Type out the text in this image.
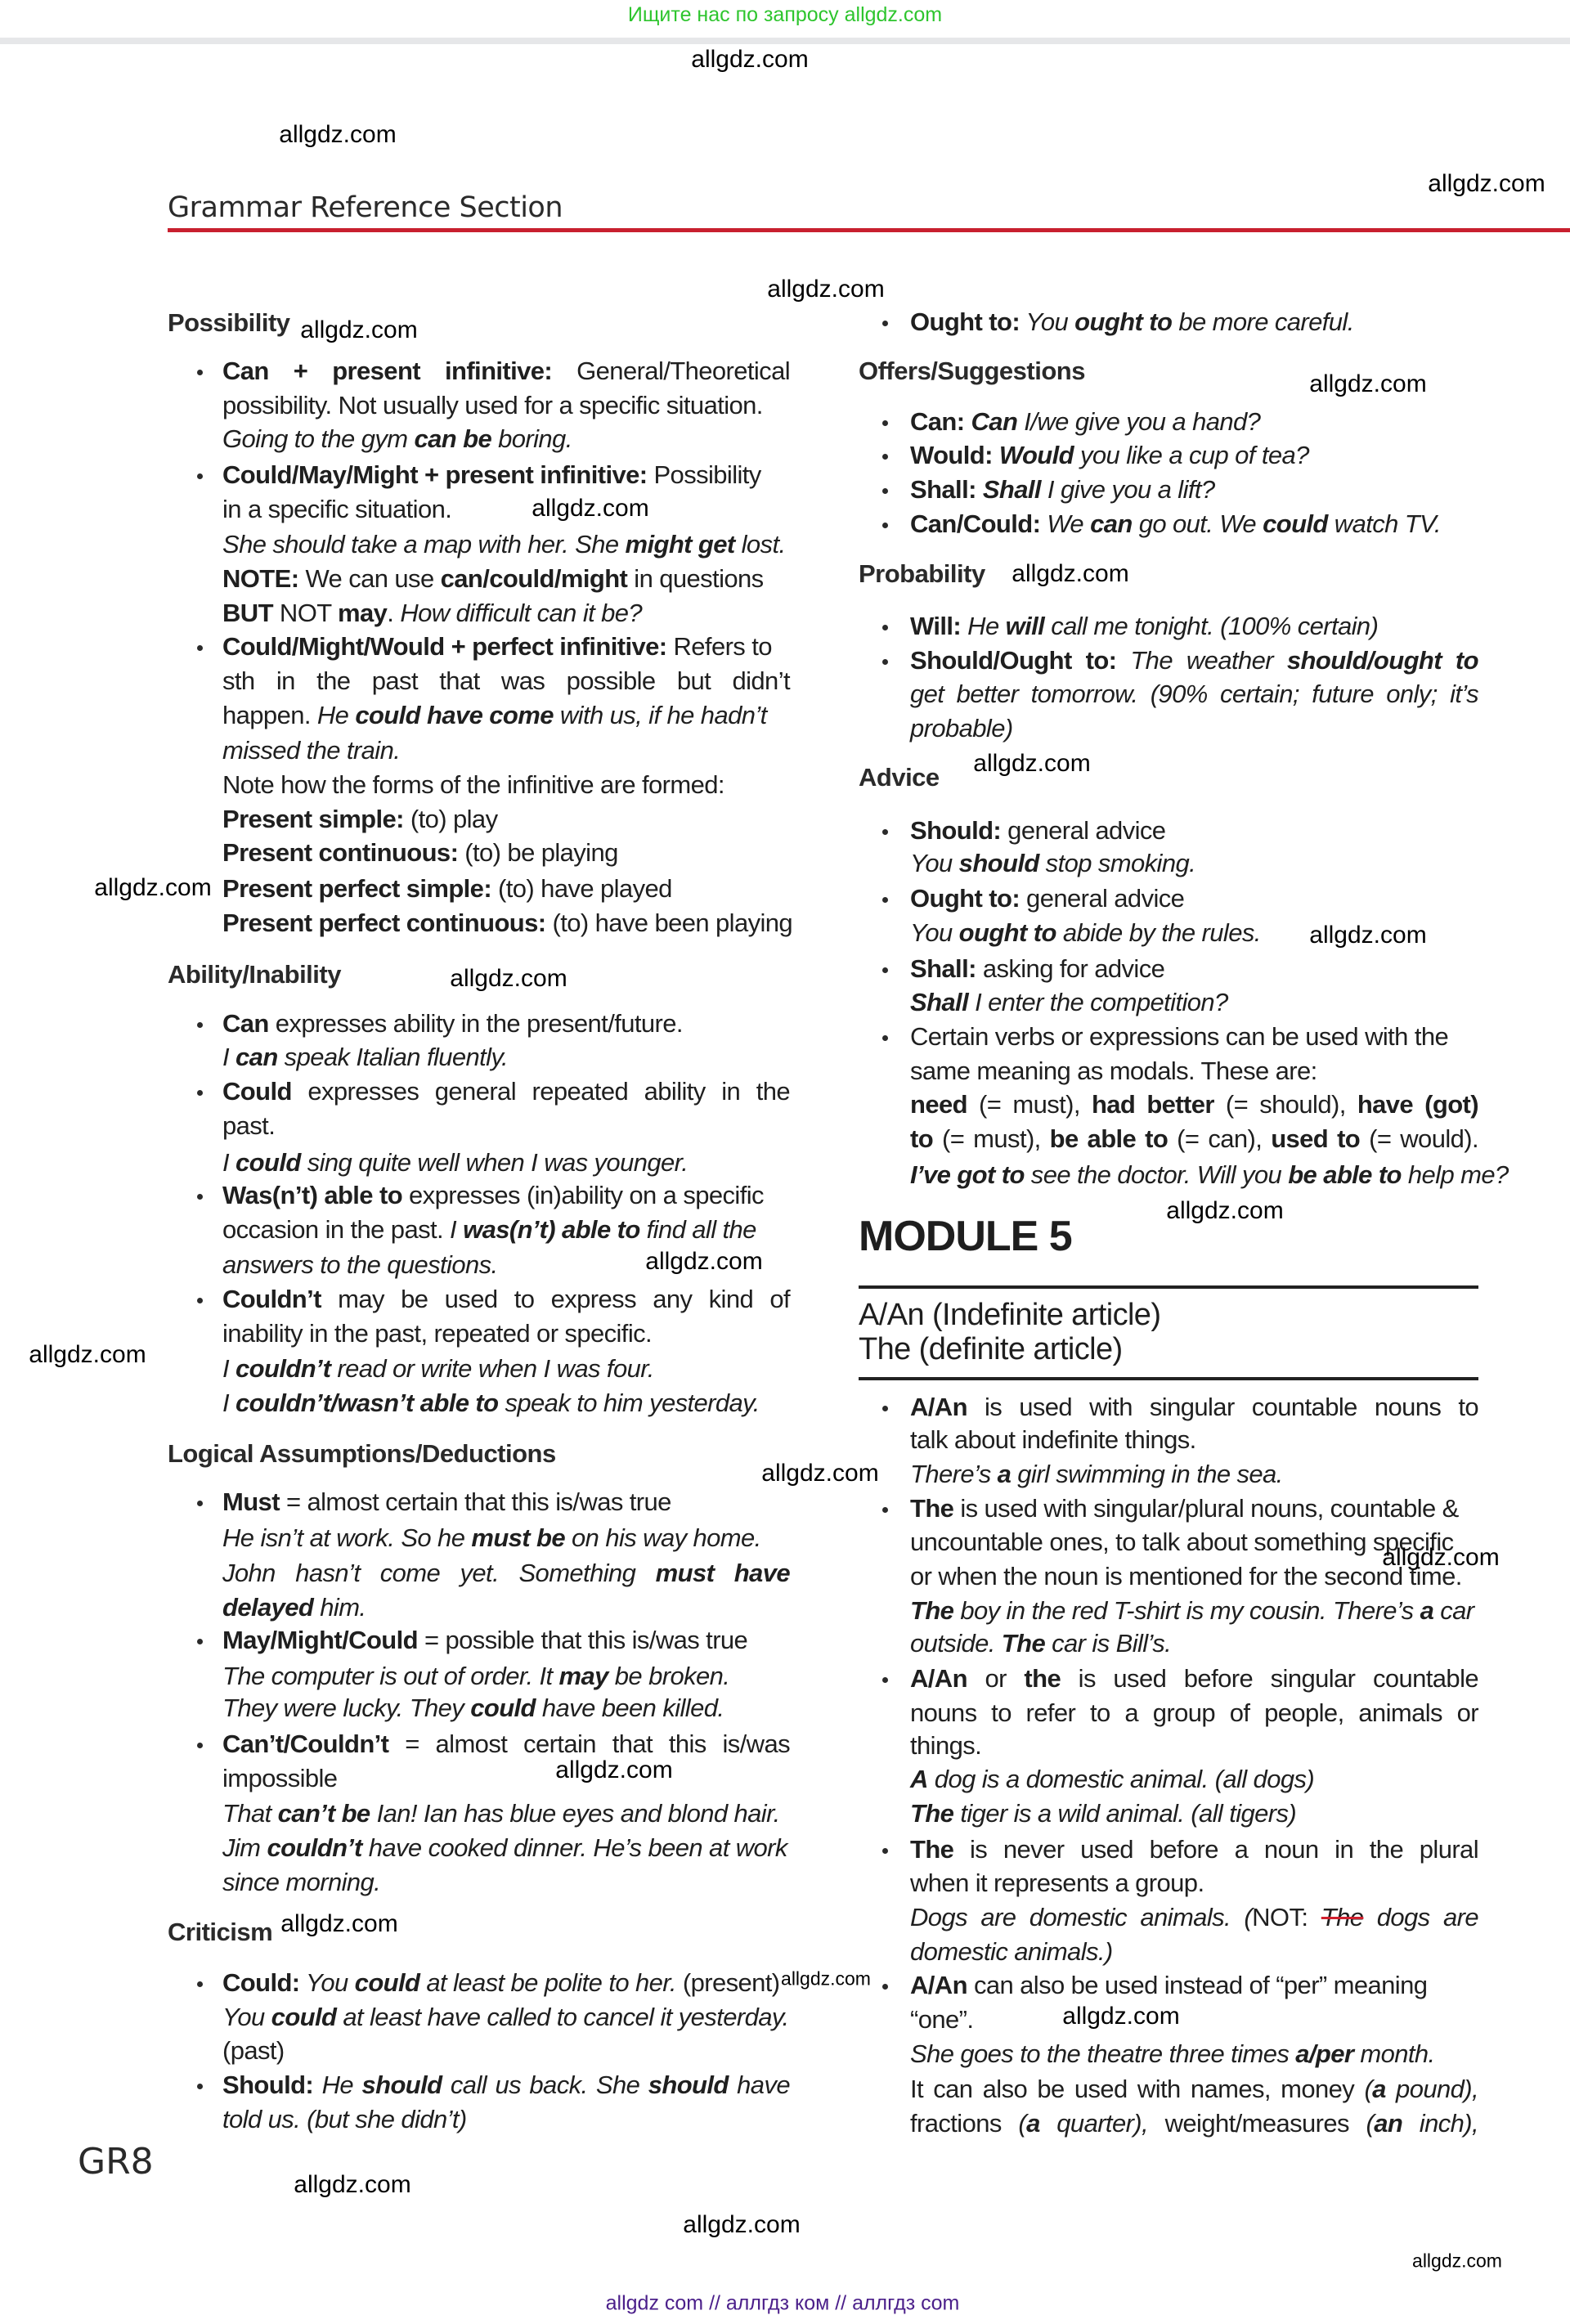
Ищите нас по запросу allgdz.com
Grammar Reference Section
Possibility
Ability/Inability
Logical Assumptions/Deductions
Criticism
Offers/Suggestions
Probability
Advice
Can + present infinitive: General/Theoretical
possibility. Not usually used for a specific situation.
Going to the gym can be boring.
Could/May/Might + present infinitive: Possibility
in a specific situation.
She should take a map with her. She might get lost.
NOTE: We can use can/could/might in questions
BUT NOT may. How difficult can it be?
Could/Might/Would + perfect infinitive: Refers to
sth in the past that was possible but didn’t
happen. He could have come with us, if he hadn’t
missed the train.
Note how the forms of the infinitive are formed:
Present simple: (to) play
Present continuous: (to) be playing
Present perfect simple: (to) have played
Present perfect continuous: (to) have been playing
Can expresses ability in the present/future.
I can speak Italian fluently.
Could expresses general repeated ability in the
past.
I could sing quite well when I was younger.
Was(n’t) able to expresses (in)ability on a specific
occasion in the past. I was(n’t) able to find all the
answers to the questions.
Couldn’t may be used to express any kind of
inability in the past, repeated or specific.
I couldn’t read or write when I was four.
I couldn’t/wasn’t able to speak to him yesterday.
Must = almost certain that this is/was true
He isn’t at work. So he must be on his way home.
John hasn’t come yet. Something must have
delayed him.
May/Might/Could = possible that this is/was true
The computer is out of order. It may be broken.
They were lucky. They could have been killed.
Can’t/Couldn’t = almost certain that this is/was
impossible
That can’t be Ian! Ian has blue eyes and blond hair.
Jim couldn’t have cooked dinner. He’s been at work
since morning.
Could: You could at least be polite to her. (present)
You could at least have called to cancel it yesterday.
(past)
Should: He should call us back. She should have
told us. (but she didn’t)
Ought to: You ought to be more careful.
Can: Can I/we give you a hand?
Would: Would you like a cup of tea?
Shall: Shall I give you a lift?
Can/Could: We can go out. We could watch TV.
Will: He will call me tonight. (100% certain)
Should/Ought to: The weather should/ought to
get better tomorrow. (90% certain; future only; it’s
probable)
Should: general advice
You should stop smoking.
Ought to: general advice
You ought to abide by the rules.
Shall: asking for advice
Shall I enter the competition?
Certain verbs or expressions can be used with the
same meaning as modals. These are:
need (= must), had better (= should), have (got)
to (= must), be able to (= can), used to (= would).
I’ve got to see the doctor. Will you be able to help me?
A/An is used with singular countable nouns to
talk about indefinite things.
There’s a girl swimming in the sea.
The is used with singular/plural nouns, countable &
uncountable ones, to talk about something specific
or when the noun is mentioned for the second time.
The boy in the red T-shirt is my cousin. There’s a car
outside. The car is Bill’s.
A/An or the is used before singular countable
nouns to refer to a group of people, animals or
things.
A dog is a domestic animal. (all dogs)
The tiger is a wild animal. (all tigers)
The is never used before a noun in the plural
when it represents a group.
Dogs are domestic animals. (NOT: The dogs are
domestic animals.)
A/An can also be used instead of “per” meaning
“one”.
She goes to the theatre three times a/per month.
It can also be used with names, money (a pound),
fractions (a quarter), weight/measures (an inch),
MODULE 5
A/An (Indefinite article)
The (definite article)
GR8
allgdz.com
allgdz.com
allgdz.com
allgdz.com
allgdz.com
allgdz.com
allgdz.com
allgdz.com
allgdz.com
allgdz.com
allgdz.com
allgdz.com
allgdz.com
allgdz.com
allgdz.com
allgdz.com
allgdz.com
allgdz.com
allgdz.com
allgdz.com
allgdz.com
allgdz.com
allgdz.com
allgdz.com
allgdz com // аллгдз ком // аллгдз com
